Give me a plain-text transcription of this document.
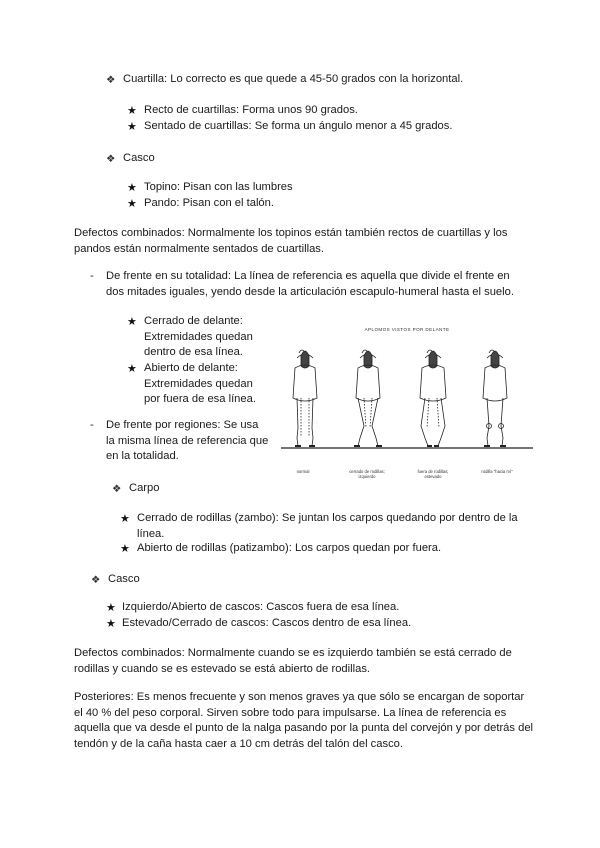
❖ Cuartilla: Lo correcto es que quede a 45-50 grados con la horizontal.

★ Recto de cuartillas: Forma unos 90 grados.

★ Sentado de cuartillas: Se forma un ángulo menor a 45 grados.

❖ Casco

★ Topino: Pisan con las lumbres

★ Pando: Pisan con el talón.

Defectos combinados: Normalmente los topinos están también rectos de cuartillas y los
pandos están normalmente sentados de cuartillas.
- De frente en su totalidad: La línea de referencia es aquella que divide el frente en
dos mitades iguales, yendo desde la articulación escapulo-humeral hasta el suelo.
★ Cerrado de delante:
Extremidades quedan
dentro de esa línea.
★ Abierto de delante:
Extremidades quedan
por fuera de esa línea.
- De frente por regiones: Se usa
la misma línea de referencia que
en la totalidad.
❖ Carpo

★ Cerrado de rodillas (zambo): Se juntan los carpos quedando por dentro de la
línea.
★ Abierto de rodillas (patizambo): Los carpos quedan por fuera.

❖ Casco

★ Izquierdo/Abierto de cascos: Cascos fuera de esa línea.

★ Estevado/Cerrado de cascos: Cascos dentro de esa línea.

Defectos combinados: Normalmente cuando se es izquierdo también se está cerrado de
rodillas y cuando se es estevado se está abierto de rodillas.
Posteriores: Es menos frecuente y son menos graves ya que sólo se encargan de soportar
el 40 % del peso corporal. Sirven sobre todo para impulsarse. La línea de referencia es
aquella que va desde el punto de la nalga pasando por la punta del corvejón y por detrás del
tendón y de la caña hasta caer a 10 cm detrás del talón del casco.
APLOMOS VISTOS POR DELANTE
normal	cerrado de rodillas; izquierdo
fuera de rodillas; estevado
rodilla "hacia mí"
